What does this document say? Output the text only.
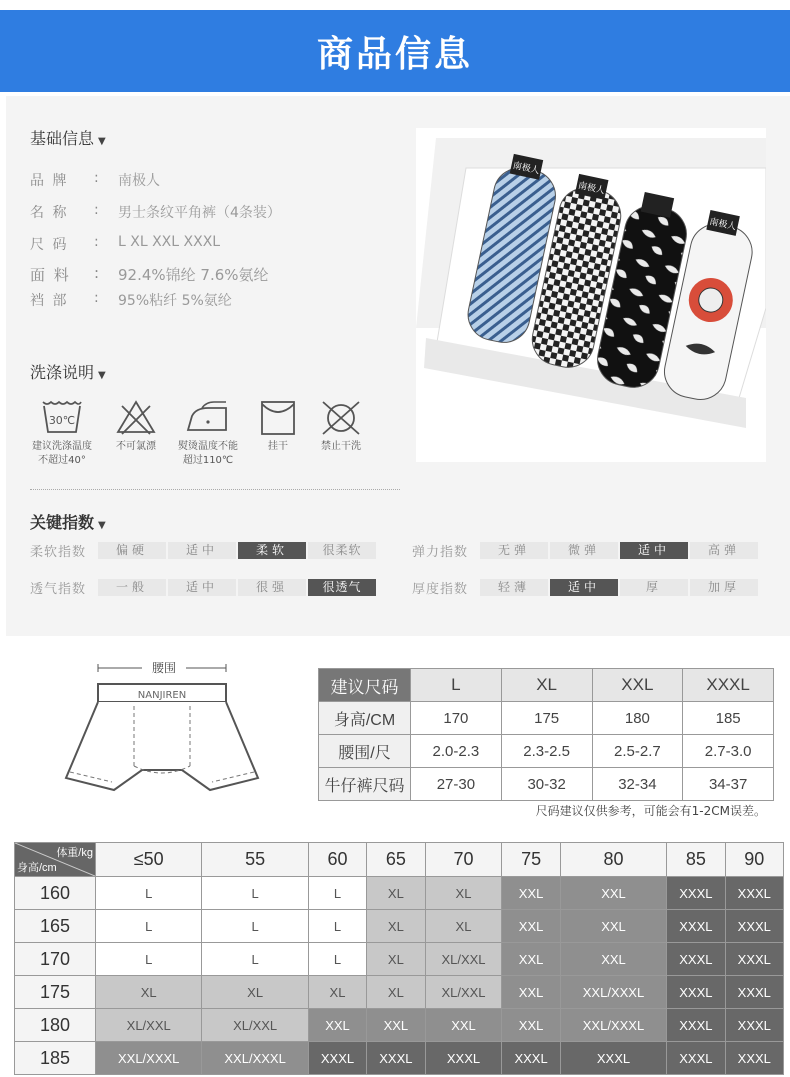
商品信息
基础信息 ▼
品 牌	:	南极人
名 称	:	男士条纹平角裤（4条装）
尺 码	:	L XL XXL XXXL
面 料	:	92.4%锦纶 7.6%氨纶
裆 部	:	95%粘纤 5%氨纶
洗涤说明 ▼
30℃
建议洗涤温度
不超过40°
不可氯漂 熨烫温度不能
超过110℃
挂干	禁止干洗
关键指数 ▼
柔软指数	偏硬	适中	柔软	很柔软
透气指数	一般	适中	很强	很透气
弹力指数	无弹	微弹	适中	高弹
厚度指数	轻薄	适中	厚	加厚
南极人
南极人
南极人
腰围
NANJIREN	建议尺码	L	XL	XXL	XXXL
身高/CM	170	175	180	185
腰围/尺	2.0-2.3	2.3-2.5	2.5-2.7	2.7-3.0
牛仔裤尺码	27-30	30-32	32-34	34-37
尺码建议仅供参考，可能会有1-2CM误差。
体重/kg
身高/cm	≤50	55	60	65	70	75	80	85	90
160	L	L	L	XL	XL	XXL	XXL	XXXL	XXXL
165	L	L	L	XL	XL	XXL	XXL	XXXL	XXXL
170	L	L	L	XL	XL/XXL	XXL	XXL	XXXL	XXXL
175	XL	XL	XL	XL	XL/XXL	XXL	XXL/XXXL	XXXL	XXXL
180	XL/XXL	XL/XXL	XXL	XXL	XXL	XXL	XXL/XXXL	XXXL	XXXL
185	XXL/XXXL	XXL/XXXL	XXXL	XXXL	XXXL	XXXL	XXXL	XXXL	XXXL
